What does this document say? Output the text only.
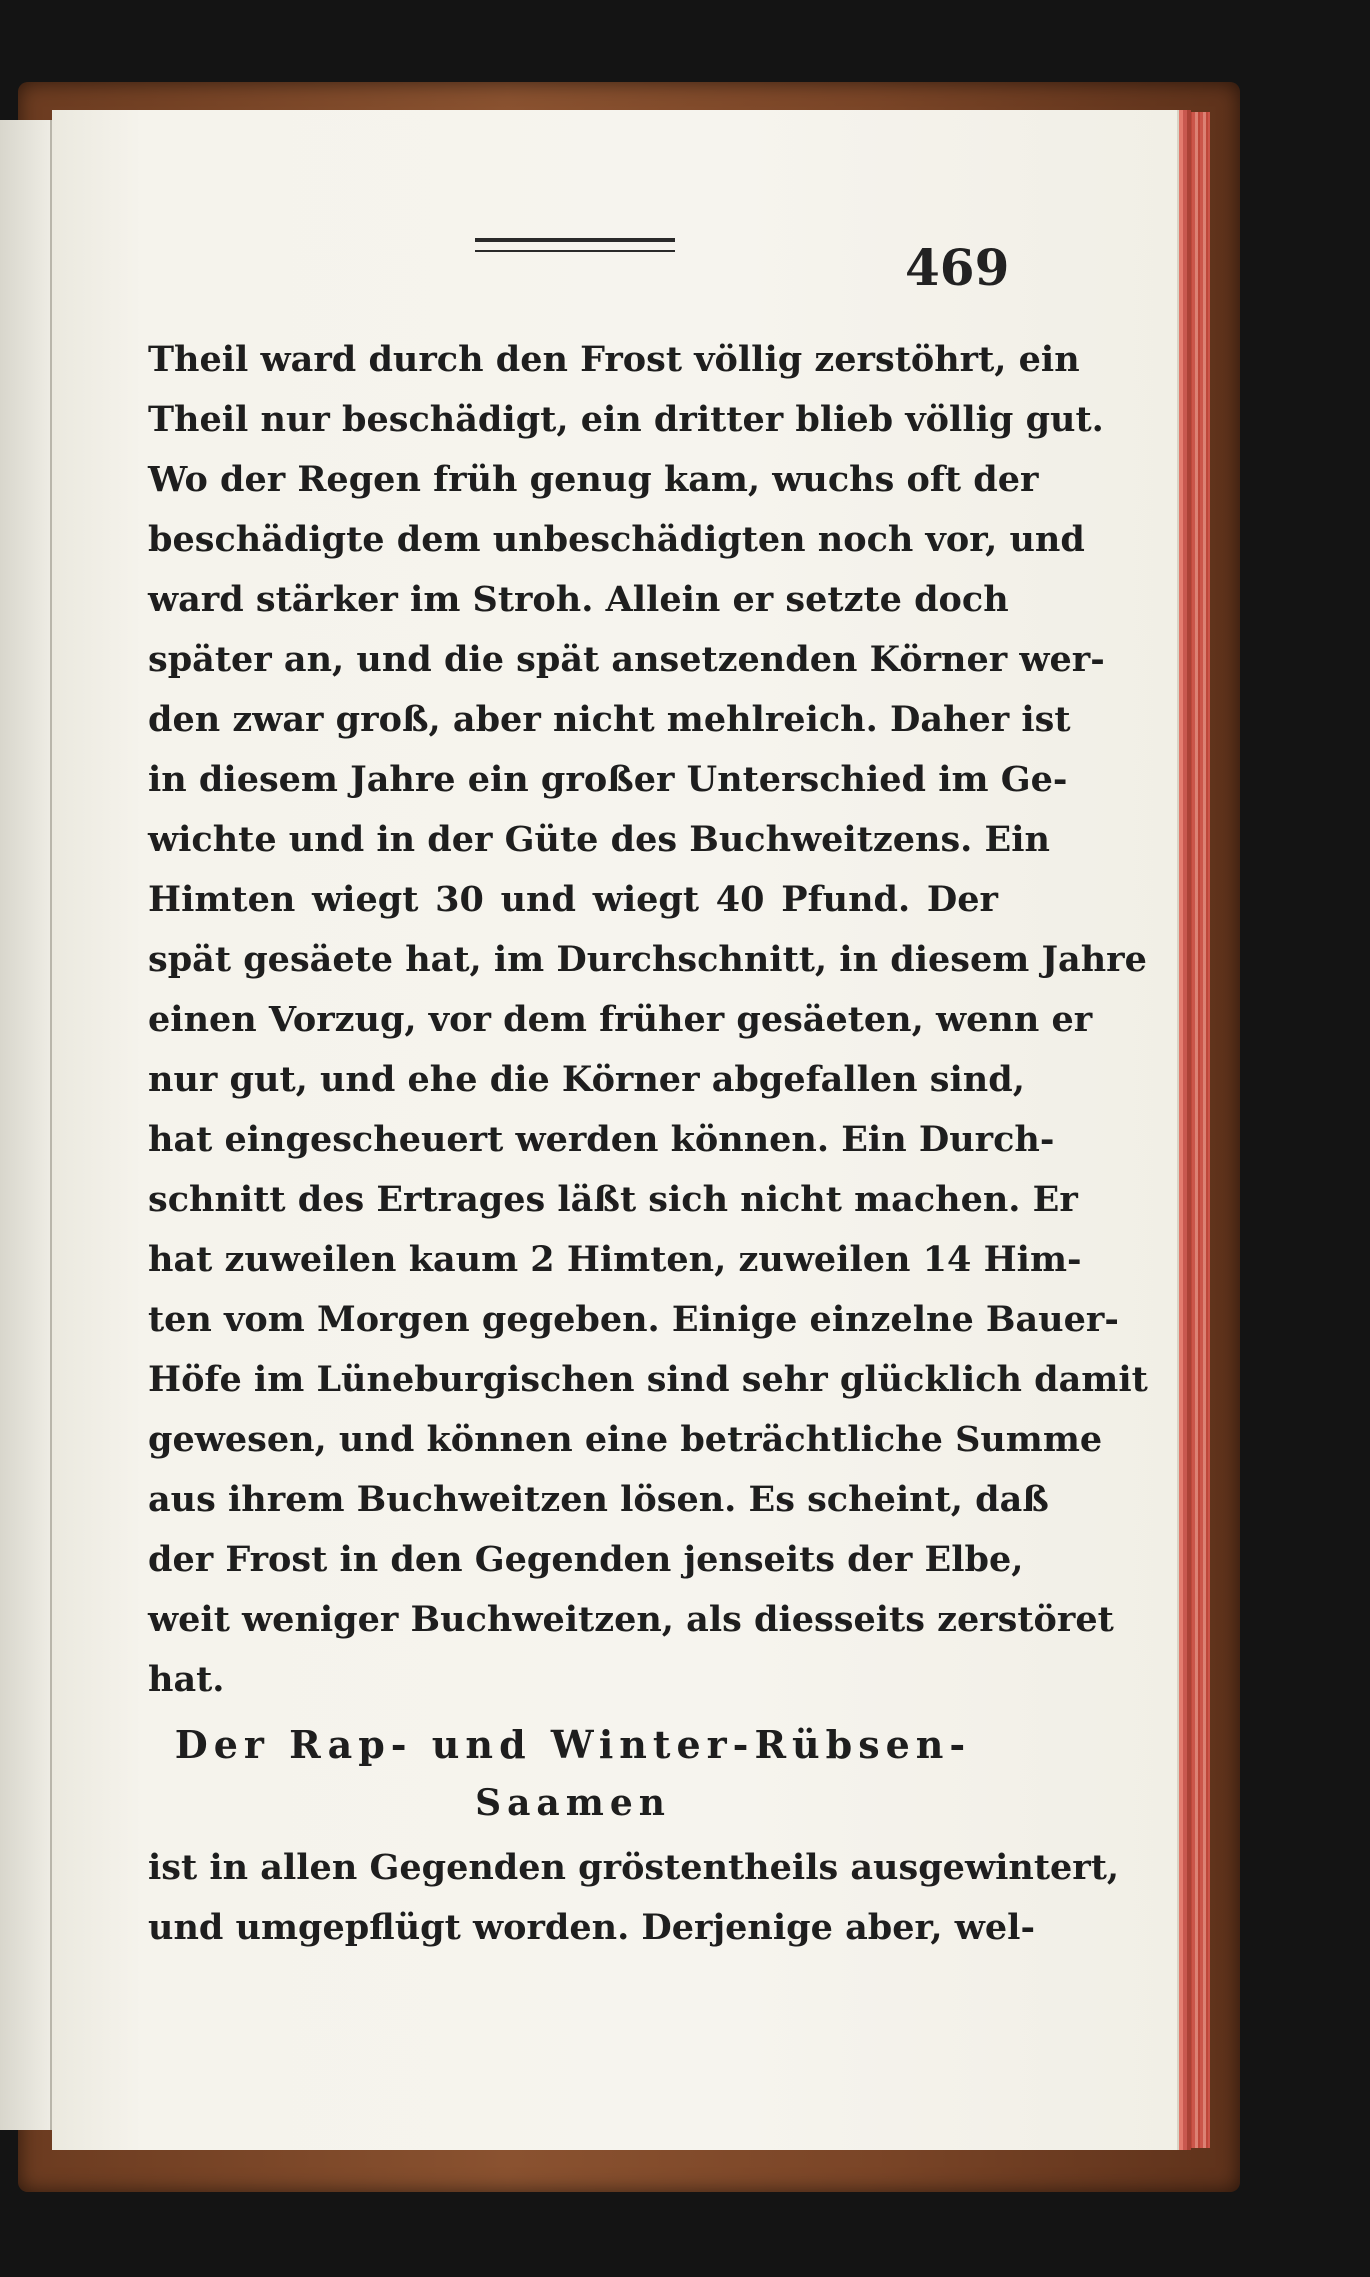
469
Theil ward durch den Frost völlig zerstöhrt, ein
Theil nur beschädigt, ein dritter blieb völlig gut.
Wo der Regen früh genug kam, wuchs oft der
beschädigte dem unbeschädigten noch vor, und
ward stärker im Stroh. Allein er setzte doch
später an, und die spät ansetzenden Körner wer-
den zwar groß, aber nicht mehlreich. Daher ist
in diesem Jahre ein großer Unterschied im Ge-
wichte und in der Güte des Buchweitzens. Ein
Himten wiegt 30 und wiegt 40 Pfund. Der
spät gesäete hat, im Durchschnitt, in diesem Jahre
einen Vorzug, vor dem früher gesäeten, wenn er
nur gut, und ehe die Körner abgefallen sind,
hat eingescheuert werden können. Ein Durch-
schnitt des Ertrages läßt sich nicht machen. Er
hat zuweilen kaum 2 Himten, zuweilen 14 Him-
ten vom Morgen gegeben. Einige einzelne Bauer-
Höfe im Lüneburgischen sind sehr glücklich damit
gewesen, und können eine beträchtliche Summe
aus ihrem Buchweitzen lösen. Es scheint, daß
der Frost in den Gegenden jenseits der Elbe,
weit weniger Buchweitzen, als diesseits zerstöret
hat.
Der Rap- und Winter-Rübsen-
Saamen
ist in allen Gegenden gröstentheils ausgewintert,
und umgepflügt worden. Derjenige aber, wel-
